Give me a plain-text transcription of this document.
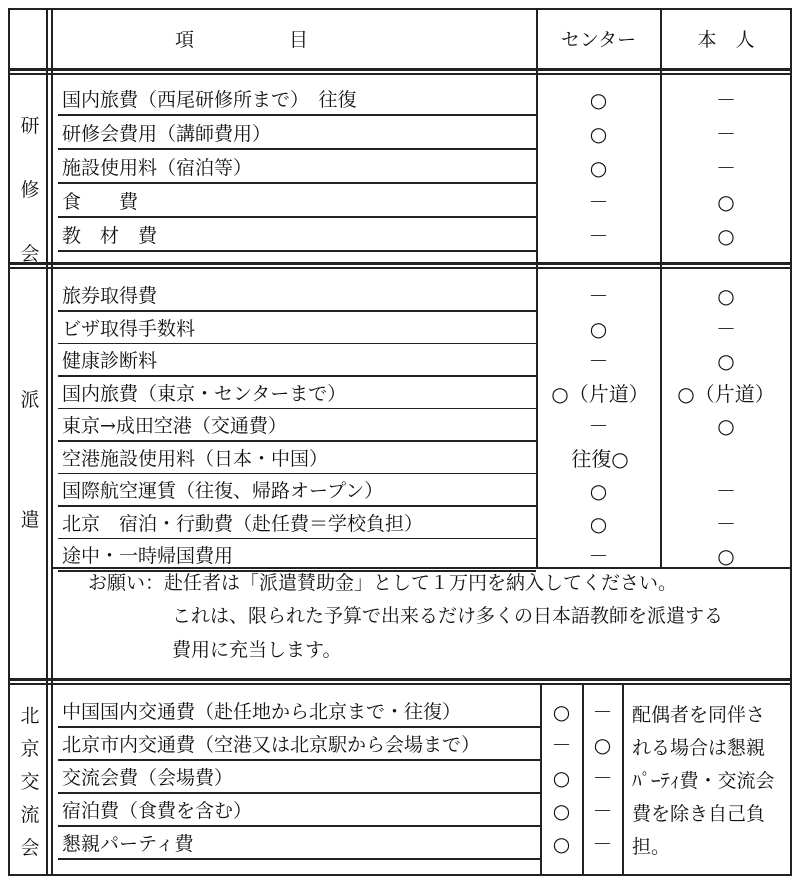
項　　　　　目	センター	本　人
研
修
会
派
遣
北
京
交
流
会
国内旅費（西尾研修所まで）　往復	○	－
研修会費用（講師費用）	○	－
施設使用料（宿泊等）	○	－
食　　費	－	○
教　材　費	－	○
旅券取得費	－	○
ビザ取得手数料	○	－
健康診断料	－	○
国内旅費（東京・センターまで）	○（片道）	○（片道）
東京→成田空港（交通費）	－	○
空港施設使用料（日本・中国）	往復○
国際航空運賃（往復、帰路オープン）	○	－
北京　宿泊・行動費（赴任費＝学校負担）	○	－
途中・一時帰国費用	－	○
中国国内交通費（赴任地から北京まで・往復）	○	－
北京市内交通費（空港又は北京駅から会場まで）	－	○
交流会費（会場費）	○	－
宿泊費（食費を含む）	○	－
懇親パーティ費	○	－
お願い：赴任者は「派遣賛助金」として１万円を納入してください。
これは、限られた予算で出来るだけ多くの日本語教師を派遣する
費用に充当します。
配偶者を同伴さ
れる場合は懇親
ﾊﾟｰﾃｨ費・交流会
費を除き自己負
担。
